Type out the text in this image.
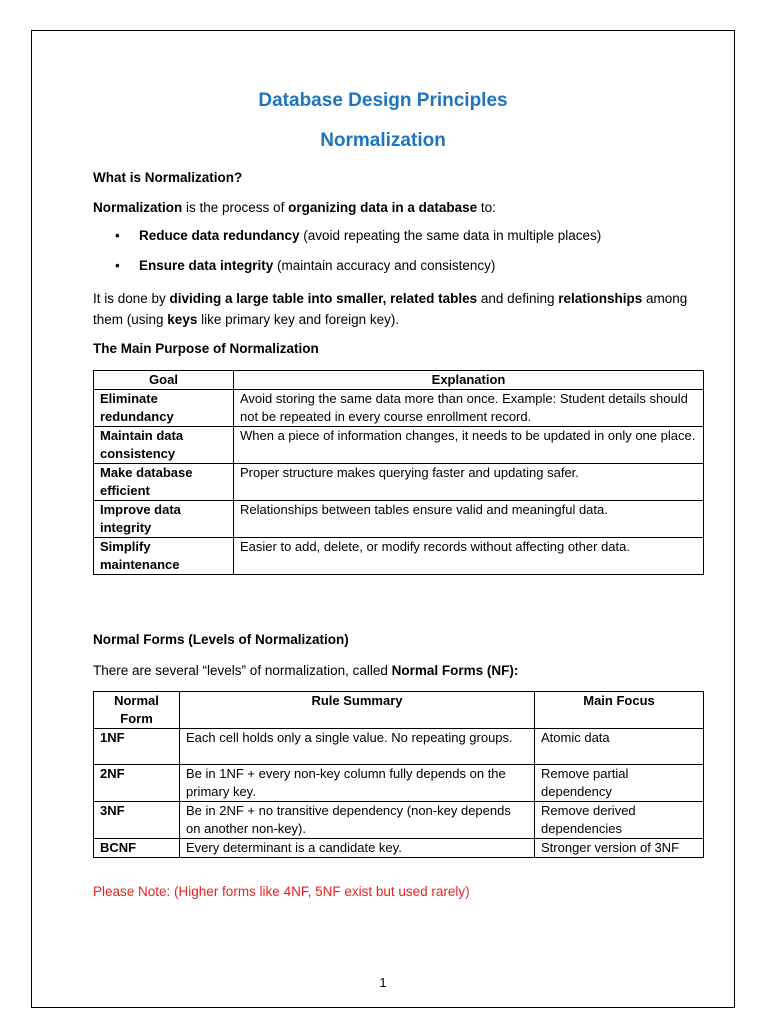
Database Design Principles
Normalization
What is Normalization?
Normalization is the process of organizing data in a database to:
• Reduce data redundancy (avoid repeating the same data in multiple places)
• Ensure data integrity (maintain accuracy and consistency)
It is done by dividing a large table into smaller, related tables and defining relationships among them (using keys like primary key and foreign key).
The Main Purpose of Normalization
Goal	Explanation
Eliminate redundancy	Avoid storing the same data more than once. Example: Student details should not be repeated in every course enrollment record.
Maintain data consistency	When a piece of information changes, it needs to be updated in only one place.
Make database efficient	Proper structure makes querying faster and updating safer.
Improve data integrity	Relationships between tables ensure valid and meaningful data.
Simplify maintenance	Easier to add, delete, or modify records without affecting other data.
Normal Forms (Levels of Normalization)
There are several “levels” of normalization, called Normal Forms (NF):
Normal Form	Rule Summary	Main Focus
1NF	Each cell holds only a single value. No repeating groups.	Atomic data
2NF	Be in 1NF + every non-key column fully depends on the primary key.	Remove partial dependency
3NF	Be in 2NF + no transitive dependency (non-key depends on another non-key).	Remove derived dependencies
BCNF	Every determinant is a candidate key.	Stronger version of 3NF
Please Note: (Higher forms like 4NF, 5NF exist but used rarely)
1
